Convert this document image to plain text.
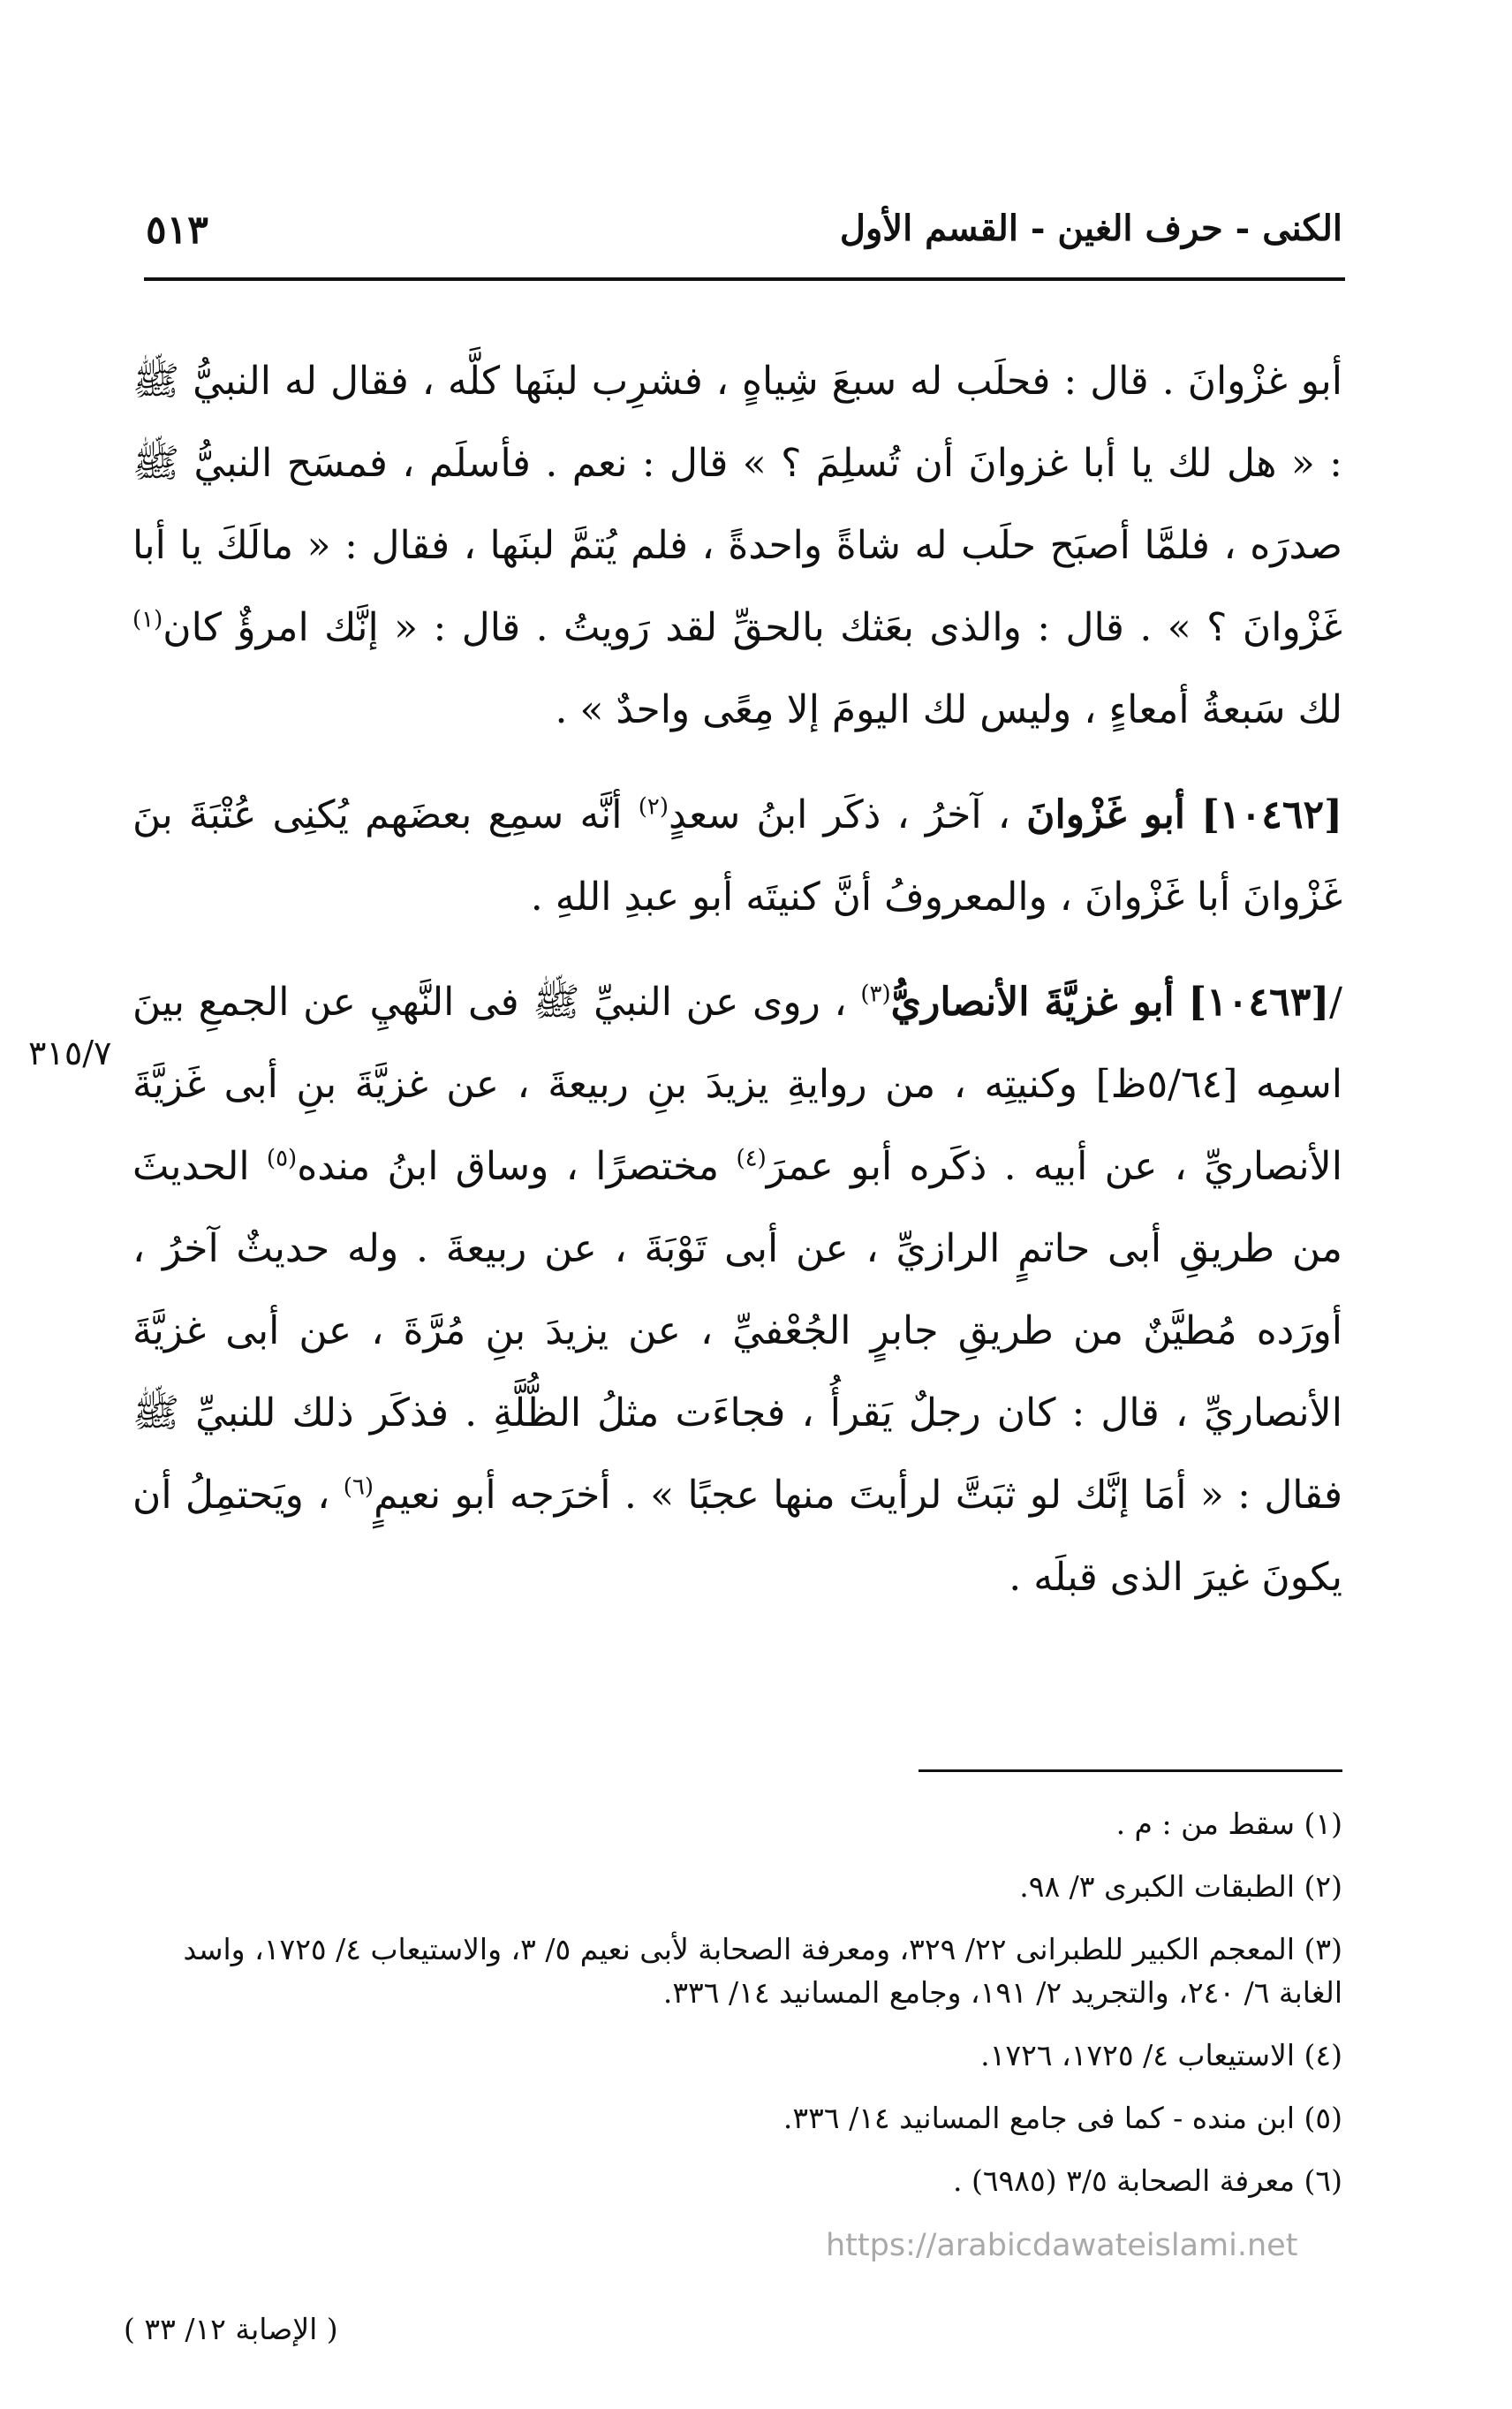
الكنى - حرف الغين - القسم الأول
٥١٣

أبو غزْوانَ . قال : فحلَب له سبعَ شِياهٍ ، فشرِب لبنَها كلَّه ، فقال له النبيُّ ﷺ : « هل لك يا أبا غزوانَ أن تُسلِمَ ؟ » قال : نعم . فأسلَم ، فمسَح النبيُّ ﷺ صدرَه ، فلمَّا أصبَح حلَب له شاةً واحدةً ، فلم يُتمَّ لبنَها ، فقال : « مالَكَ يا أبا غَزْوانَ ؟ » . قال : والذى بعَثك بالحقِّ لقد رَويتُ . قال : « إنَّك امرؤٌ كان$^{(١)}$ لك سَبعةُ أمعاءٍ ، وليس لك اليومَ إلا مِعًى واحدٌ » .

[١٠٤٦٢] أبو غَزْوانَ ، آخرُ ، ذكَر ابنُ سعدٍ$^{(٢)}$ أنَّه سمِع بعضَهم يُكنِى عُتْبَةَ بنَ غَزْوانَ أبا غَزْوانَ ، والمعروفُ أنَّ كنيتَه أبو عبدِ اللهِ .

/[١٠٤٦٣] أبو غزيَّةَ الأنصاريُّ$^{(٣)}$ ، روى عن النبيِّ ﷺ فى النَّهيِ عن الجمعِ بينَ اسمِه [٥/٦٤ظ] وكنيتِه ، من روايةِ يزيدَ بنِ ربيعةَ ، عن غزيَّةَ بنِ أبى غَزيَّةَ الأنصاريِّ ، عن أبيه . ذكَره أبو عمرَ$^{(٤)}$ مختصرًا ، وساق ابنُ منده$^{(٥)}$ الحديثَ من طريقِ أبى حاتمٍ الرازيِّ ، عن أبى تَوْبَةَ ، عن ربيعةَ . وله حديثٌ آخرُ ، أورَده مُطيَّنٌ من طريقِ جابرٍ الجُعْفيِّ ، عن يزيدَ بنِ مُرَّةَ ، عن أبى غزيَّةَ الأنصاريِّ ، قال : كان رجلٌ يَقرأُ ، فجاءَت مثلُ الظُّلَّةِ . فذكَر ذلك للنبيِّ ﷺ فقال : « أمَا إنَّك لو ثبَتَّ لرأيتَ منها عجبًا » . أخرَجه أبو نعيمٍ$^{(٦)}$ ، ويَحتمِلُ أن يكونَ غيرَ الذى قبلَه .

٣١٥/٧

(١) سقط من : م .

(٢) الطبقات الكبرى ٣/ ٩٨.

(٣) المعجم الكبير للطبرانى ٢٢/ ٣٢٩، ومعرفة الصحابة لأبى نعيم ٥/ ٣، والاستيعاب ٤/ ١٧٢٥، واسد الغابة ٦/ ٢٤٠، والتجريد ٢/ ١٩١، وجامع المسانيد ١٤/ ٣٣٦.

(٤) الاستيعاب ٤/ ١٧٢٥، ١٧٢٦.

(٥) ابن منده - كما فى جامع المسانيد ١٤/ ٣٣٦.

(٦) معرفة الصحابة ٣/٥ (٦٩٨٥) .

https://arabicdawateislami.net
( الإصابة ١٢/ ٣٣ )
